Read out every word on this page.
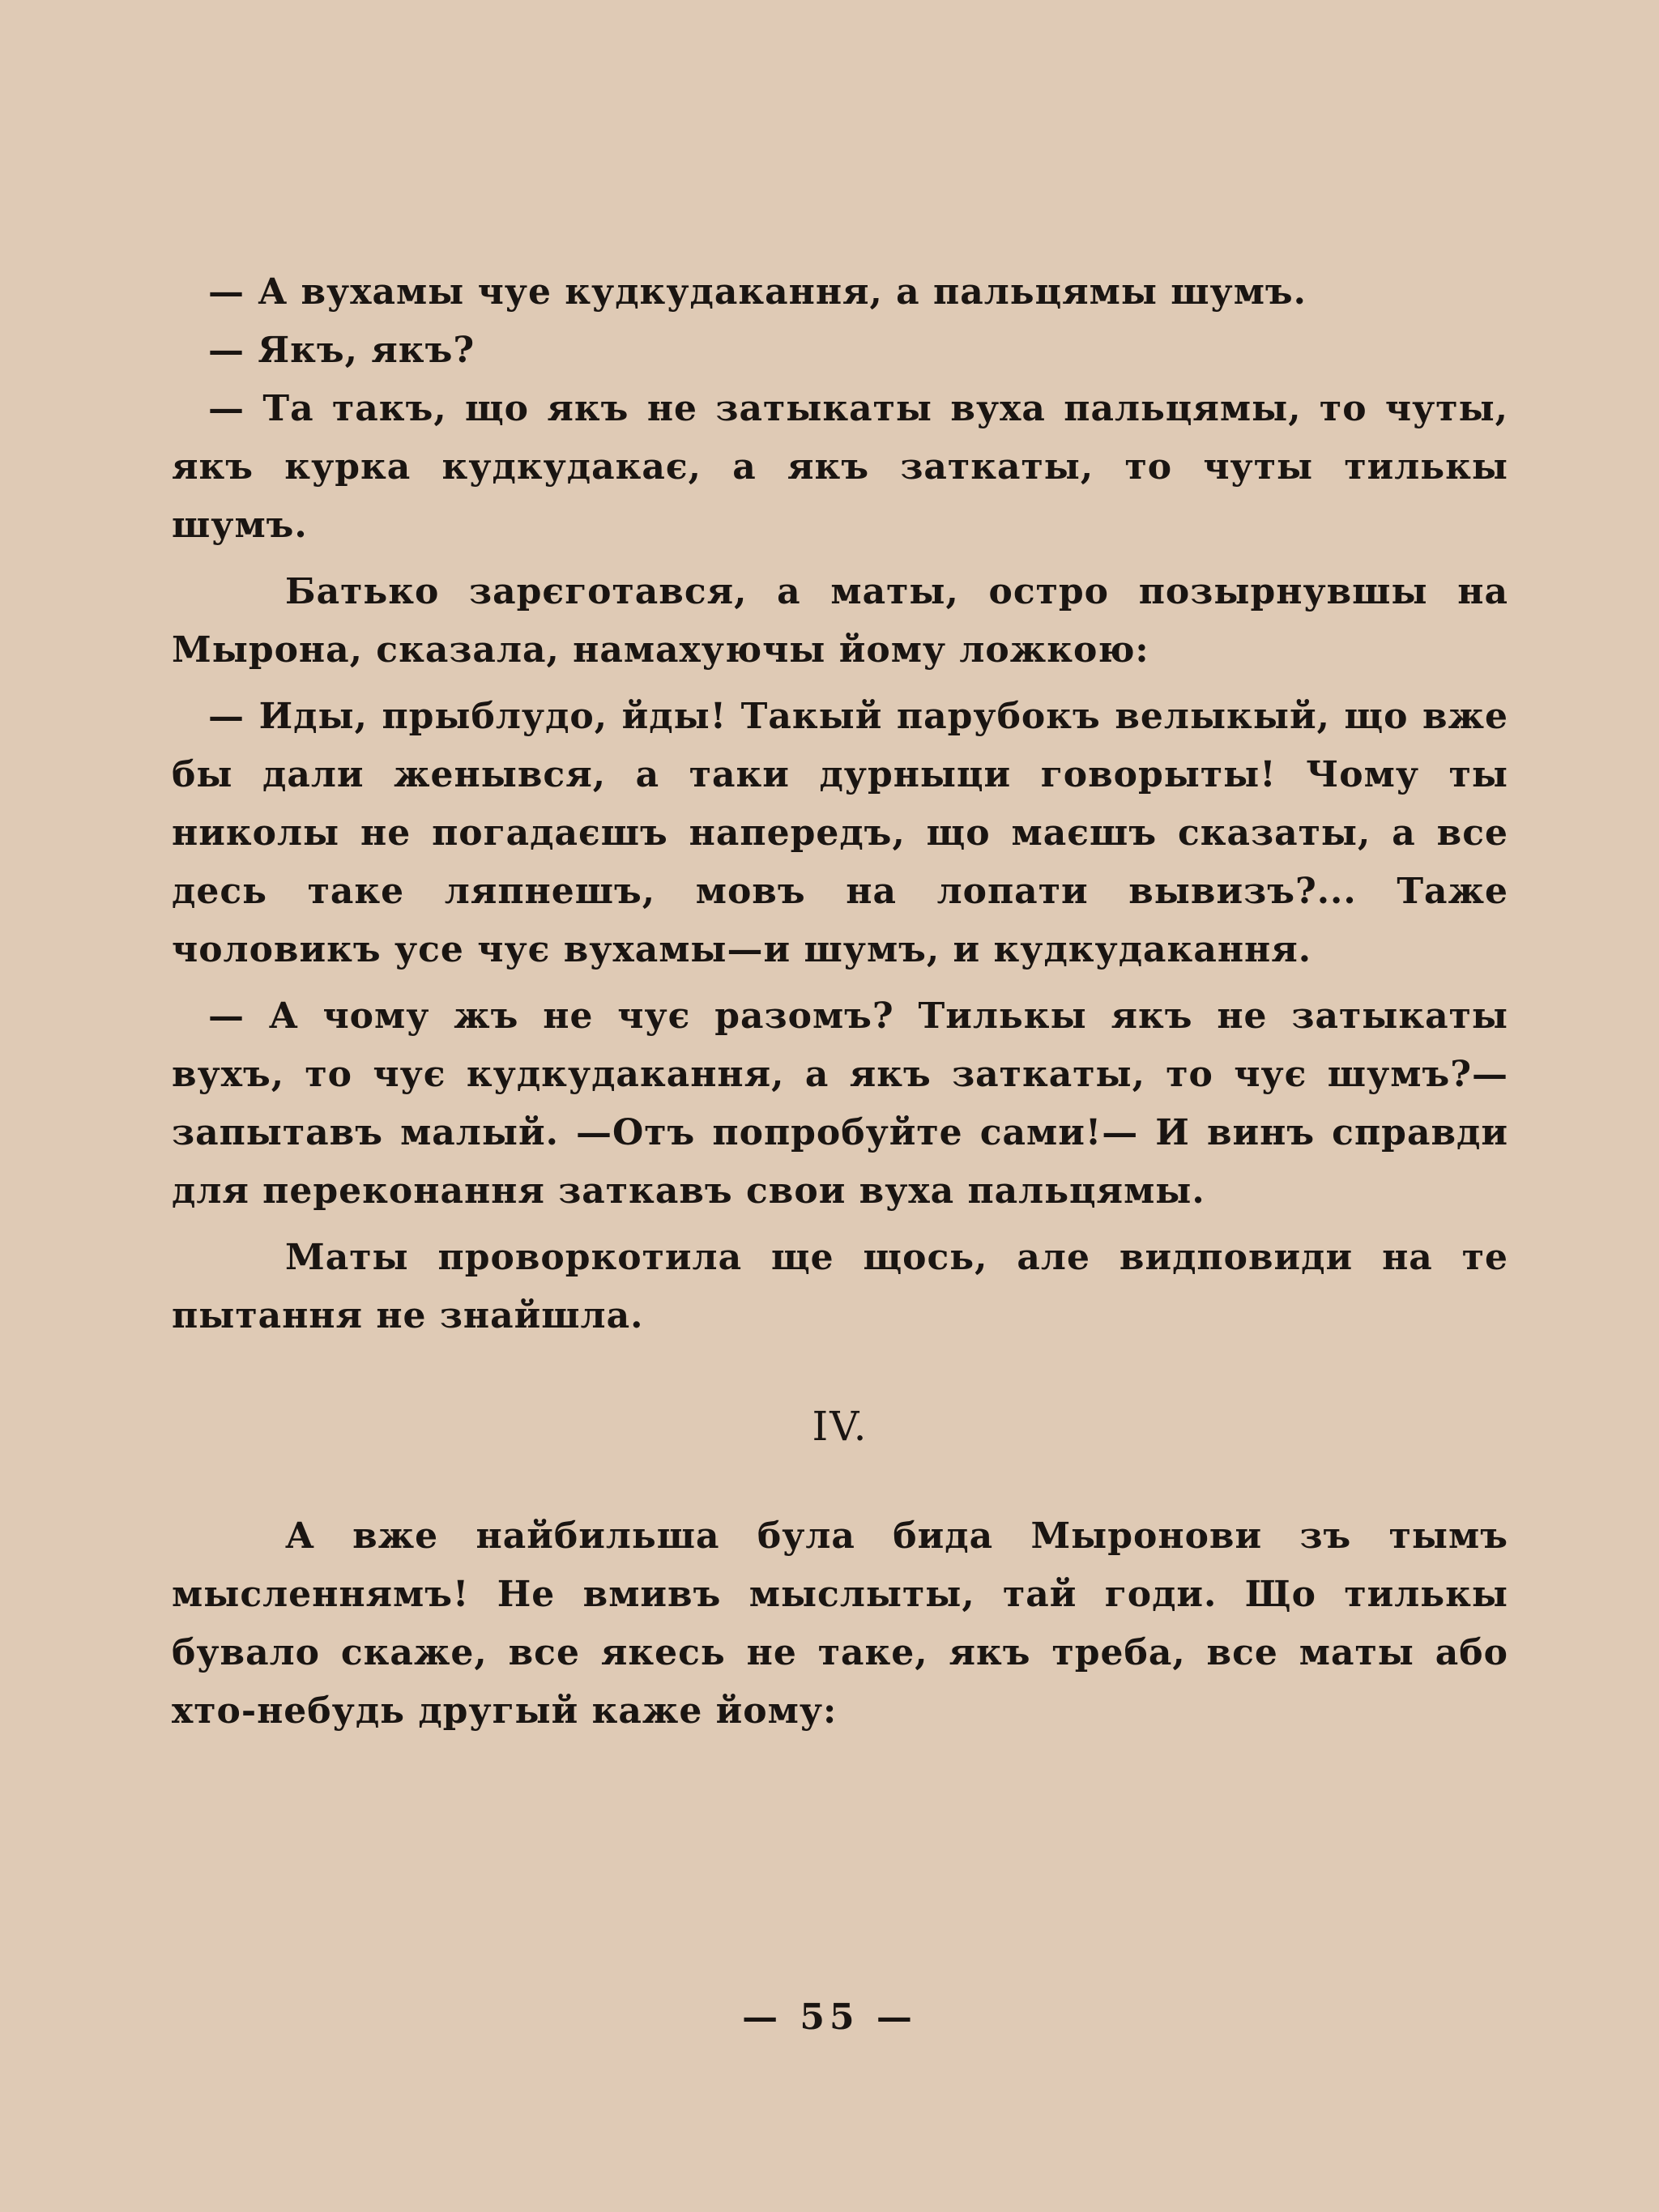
— А вухамы чуе кудкудакання, а пальцямы шумъ.

— Якъ, якъ?

— Та такъ, що якъ не затыкаты вуха пальцямы, то чуты, якъ курка кудкудакає, а якъ заткаты, то чуты тилькы шумъ.

Батько зарєготався, а маты, остро позырнувшы на Мырона, сказала, намахуючы йому ложкою:

— Иды, прыблудо, йды! Такый парубокъ велыкый, що вже бы дали женывся, а таки дурныци говорыты! Чому ты николы не погадаєшъ напередъ, що маєшъ сказаты, а все десь таке ляпнешъ, мовъ на лопати вывизъ?... Таже чоловикъ усе чує вухамы—и шумъ, и кудкудакання.

— А чому жъ не чує разомъ? Тилькы якъ не затыкаты вухъ, то чує кудкудакання, а якъ заткаты, то чує шумъ?—запытавъ малый. —Отъ попробуйте сами!— И винъ справди для переконання заткавъ свои вуха пальцямы.

Маты проворкотила ще щось, але видповиди на те пытання не знайшла.

IV.

А вже найбильша була бида Мыронови зъ тымъ мысленнямъ! Не вмивъ мыслыты, тай годи. Що тилькы бувало скаже, все якесь не таке, якъ треба, все маты або хто-небудь другый каже йому:

— 55 —
